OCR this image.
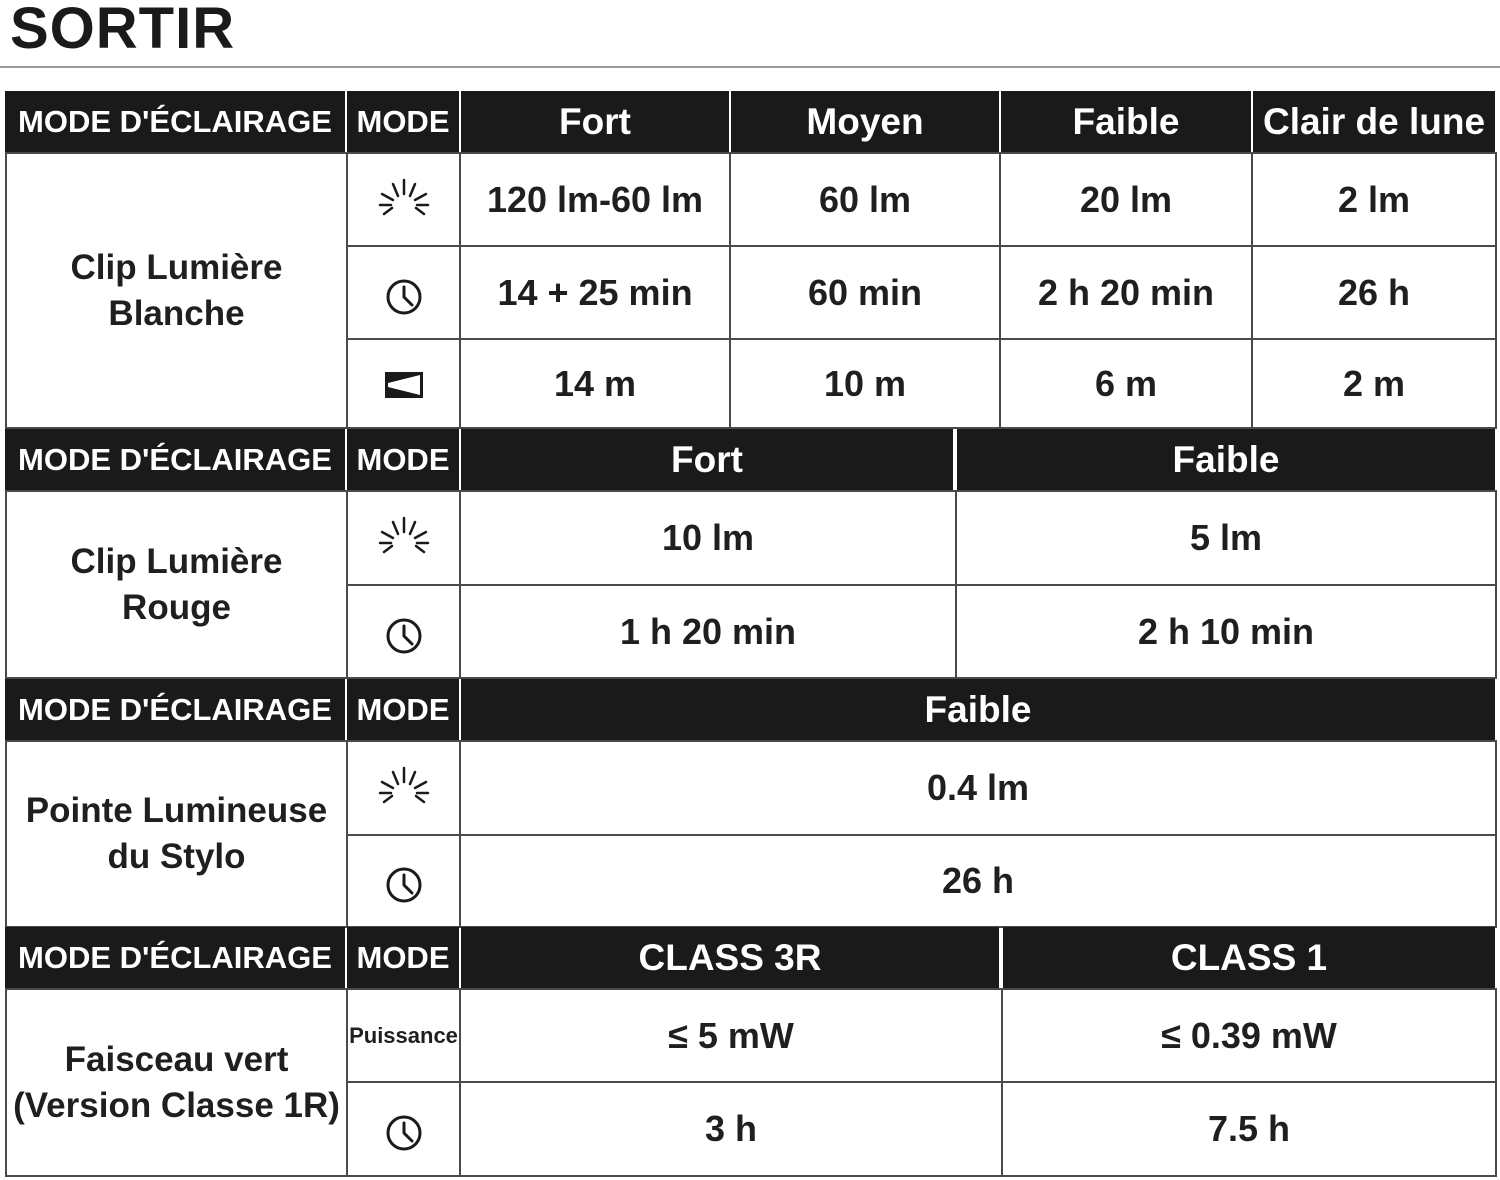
SORTIR
MODE D'ÉCLAIRAGE MODE	Fort	Moyen	Faible	Clair de lune
Clip Lumière
Blanche
120 lm-60 lm	60 lm	20 lm	2 lm
14 + 25 min	60 min	2 h 20 min	26 h
14 m	10 m	6 m	2 m
MODE D'ÉCLAIRAGE MODE	Fort	Faible
Clip Lumière
Rouge
10 lm	5 lm
1 h 20 min	2 h 10 min
MODE D'ÉCLAIRAGE MODE	Faible
Pointe Lumineuse
du Stylo
0.4 lm
26 h
MODE D'ÉCLAIRAGE MODE	CLASS 3R	CLASS 1
Faisceau vert
(Version Classe 1R)
Puissance	≤ 5 mW	≤ 0.39 mW
3 h	7.5 h
